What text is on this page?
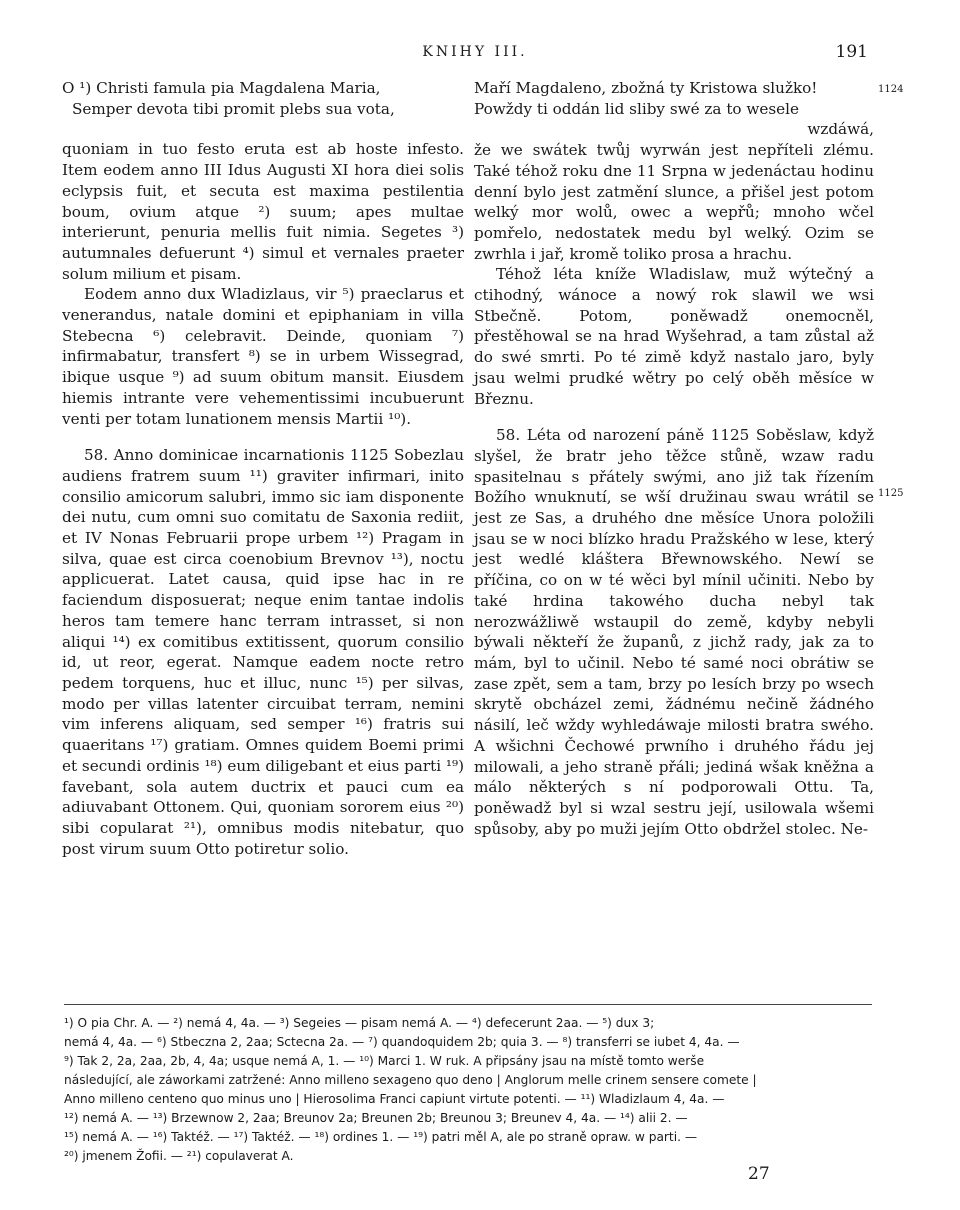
KNIHY III.	191
O ¹) Christi famula pia Magdalena Maria,
Semper devota tibi promit plebs sua vota,

quoniam in tuo festo eruta est ab hoste infesto. Item eodem anno III Idus Augusti XI hora diei solis eclypsis fuit, et secuta est maxima pestilentia boum, ovium atque ²) suum; apes multae interierunt, penuria mellis fuit nimia. Segetes ³) autumnales defuerunt ⁴) simul et vernales praeter solum milium et pisam.

Eodem anno dux Wladizlaus, vir ⁵) praeclarus et venerandus, natale domini et epiphaniam in villa Stebecna ⁶) celebravit. Deinde, quoniam ⁷) infirmabatur, transfert ⁸) se in urbem Wissegrad, ibique usque ⁹) ad suum obitum mansit. Eiusdem hiemis intrante vere vehementissimi incubuerunt venti per totam lunationem mensis Martii ¹⁰).

58. Anno dominicae incarnationis 1125 Sobezlau audiens fratrem suum ¹¹) graviter infirmari, inito consilio amicorum salubri, immo sic iam disponente dei nutu, cum omni suo comitatu de Saxonia rediit, et IV Nonas Februarii prope urbem ¹²) Pragam in silva, quae est circa coenobium Brevnov ¹³), noctu applicuerat. Latet causa, quid ipse hac in re faciendum disposuerat; neque enim tantae indolis heros tam temere hanc terram intrasset, si non aliqui ¹⁴) ex comitibus extitissent, quorum consilio id, ut reor, egerat. Namque eadem nocte retro pedem torquens, huc et illuc, nunc ¹⁵) per silvas, modo per villas latenter circuibat terram, nemini vim inferens aliquam, sed semper ¹⁶) fratris sui quaeritans ¹⁷) gratiam. Omnes quidem Boemi primi et secundi ordinis ¹⁸) eum diligebant et eius parti ¹⁹) favebant, sola autem ductrix et pauci cum ea adiuvabant Ottonem. Qui, quoniam sororem eius ²⁰) sibi copularat ²¹), omnibus modis nitebatur, quo post virum suum Otto potiretur solio.

Maří Magdaleno, zbožná ty Kristowa služko!
Powždy ti oddán lid sliby swé za to wesele
wzdáwá,

že we swátek twůj wyrwán jest nepříteli zlému. Také téhož roku dne 11 Srpna w jedenáctau hodinu denní bylo jest zatmění slunce, a přišel jest potom welký mor wolů, owec a wepřů; mnoho wčel pomřelo, nedostatek medu byl welký. Ozim se zwrhla i jař, kromě toliko prosa a hrachu.

Téhož léta kníže Wladislaw, muž wýtečný a ctihodný, wánoce a nowý rok slawil we wsi Stbečně. Potom, poněwadž onemocněl, přestěhowal se na hrad Wyšehrad, a tam zůstal až do swé smrti. Po té zimě když nastalo jaro, byly jsau welmi prudké wětry po celý oběh měsíce w Březnu.

58. Léta od narození páně 1125 Soběslaw, když slyšel, že bratr jeho těžce stůně, wzaw radu spasitelnau s přátely swými, ano již tak řízením Božího wnuknutí, se wší družinau swau wrátil se jest ze Sas, a druhého dne měsíce Unora položili jsau se w noci blízko hradu Pražského w lese, který jest wedlé kláštera Břewnowského. Newí se příčina, co on w té wěci byl mínil učiniti. Nebo by také hrdina takowého ducha nebyl tak nerozwážliwě wstaupil do země, kdyby nebyli býwali někteří že županů, z jichž rady, jak za to mám, byl to učinil. Nebo té samé noci obrátiw se zase zpět, sem a tam, brzy po lesích brzy po wsech skrytě obcházel zemi, žádnému nečině žádného násilí, leč wždy wyhledáwaje milosti bratra swého. A wšichni Čechowé prwního i druhého řádu jej milowali, a jeho straně přáli; jediná wšak kněžna a málo některých s ní podporowali Ottu. Ta, poněwadž byl si wzal sestru její, usilowala wšemi spůsoby, aby po muži jejím Otto obdržel stolec. Ne-

1124
1125
¹) O pia Chr. A. — ²) nemá 4, 4a. — ³) Segeies — pisam nemá A. — ⁴) defecerunt 2aa. — ⁵) dux 3;
nemá 4, 4a. — ⁶) Stbeczna 2, 2aa; Sctecna 2a. — ⁷) quandoquidem 2b; quia 3. — ⁸) transferri se iubet 4, 4a. —
⁹) Tak 2, 2a, 2aa, 2b, 4, 4a; usque nemá A, 1. — ¹⁰) Marci 1. W ruk. A připsány jsau na místě tomto werše
následující, ale záworkami zatržené: Anno milleno sexageno quo deno | Anglorum melle crinem sensere comete |
Anno milleno centeno quo minus uno | Hierosolima Franci capiunt virtute potenti. — ¹¹) Wladizlaum 4, 4a. —
¹²) nemá A. — ¹³) Brzewnow 2, 2aa; Breunov 2a; Breunen 2b; Breunou 3; Breunev 4, 4a. — ¹⁴) alii 2. —
¹⁵) nemá A. — ¹⁶) Taktéž. — ¹⁷) Taktéž. — ¹⁸) ordines 1. — ¹⁹) patri měl A, ale po straně opraw. w parti. —
²⁰) jmenem Žofii. — ²¹) copulaverat A.
27
